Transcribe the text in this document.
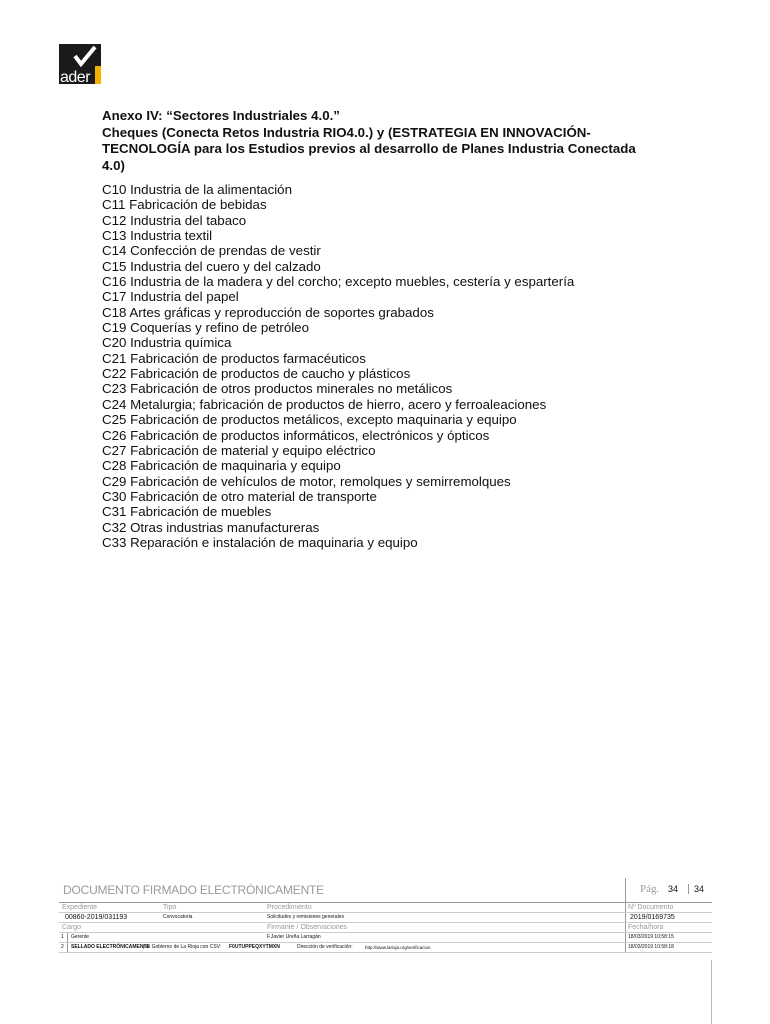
ader
Anexo IV: “Sectores Industriales 4.0.”
Cheques (Conecta Retos Industria RIO4.0.) y (ESTRATEGIA EN INNOVACIÓN-TECNOLOGÍA para los Estudios previos al desarrollo de Planes Industria Conectada 4.0)
C10 Industria de la alimentación
C11 Fabricación de bebidas
C12 Industria del tabaco
C13 Industria textil
C14 Confección de prendas de vestir
C15 Industria del cuero y del calzado
C16 Industria de la madera y del corcho; excepto muebles, cestería y espartería
C17 Industria del papel
C18 Artes gráficas y reproducción de soportes grabados
C19 Coquerías y refino de petróleo
C20 Industria química
C21 Fabricación de productos farmacéuticos
C22 Fabricación de productos de caucho y plásticos
C23 Fabricación de otros productos minerales no metálicos
C24 Metalurgia; fabricación de productos de hierro, acero y ferroaleaciones
C25 Fabricación de productos metálicos, excepto maquinaria y equipo
C26 Fabricación de productos informáticos, electrónicos y ópticos
C27 Fabricación de material y equipo eléctrico
C28 Fabricación de maquinaria y equipo
C29 Fabricación de vehículos de motor, remolques y semirremolques
C30 Fabricación de otro material de transporte
C31 Fabricación de muebles
C32 Otras industrias manufactureras
C33 Reparación e instalación de maquinaria y equipo
DOCUMENTO FIRMADO ELECTRÓNICAMENTE	Pág. 34	34
Expediente	Tipo	Procedimiento	Nº Documento
00860-2019/031193	Convocatoria	Solicitudes y remisiones generales	2019/0169735
Cargo	Firmante / Observaciones	Fecha/hora
1 Gerente	F.Javier Ureña Larragán	18/03/2019 10:58:15
2 SELLADO ELECTRÓNICAMENTE
por Gobierno de La Rioja con CSV: F0UTUPPEQXYTMXN	Dirección de verificación:	http://www.larioja.org/verificacion	18/03/2019 10:58:18
